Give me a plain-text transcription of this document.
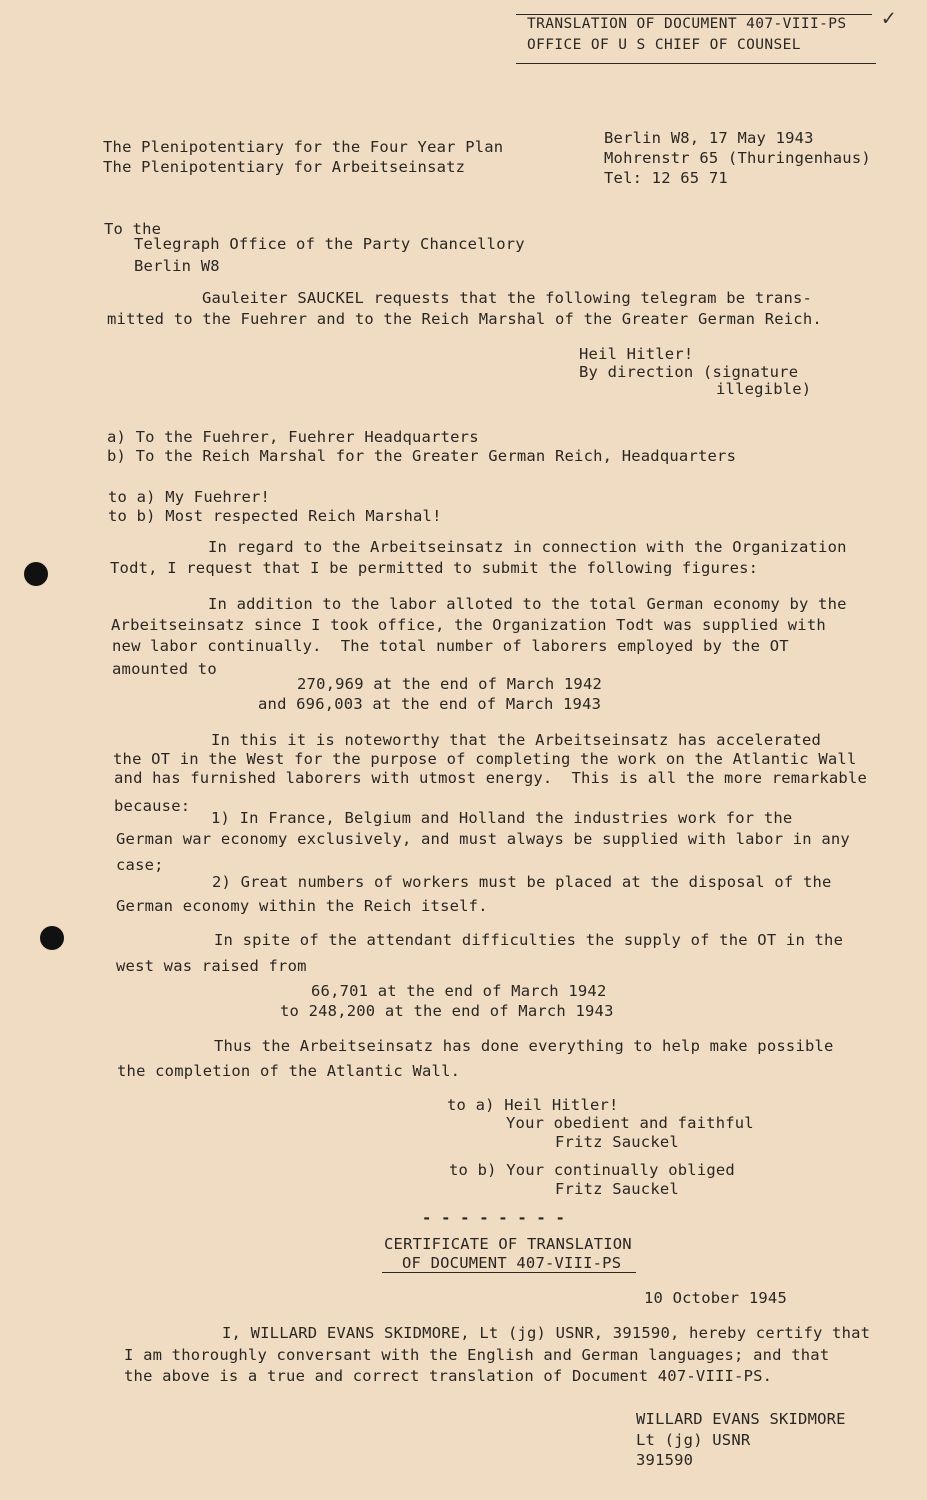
TRANSLATION OF DOCUMENT 407-VIII-PS
OFFICE OF U S CHIEF OF COUNSEL
✓
The Plenipotentiary for the Four Year Plan
The Plenipotentiary for Arbeitseinsatz
Berlin W8, 17 May 1943
Mohrenstr 65 (Thuringenhaus)
Tel: 12 65 71
To the
Telegraph Office of the Party Chancellory
Berlin W8
Gauleiter SAUCKEL requests that the following telegram be trans-
mitted to the Fuehrer and to the Reich Marshal of the Greater German Reich.
Heil Hitler!
By direction (signature
illegible)
a) To the Fuehrer, Fuehrer Headquarters
b) To the Reich Marshal for the Greater German Reich, Headquarters
to a) My Fuehrer!
to b) Most respected Reich Marshal!
In regard to the Arbeitseinsatz in connection with the Organization
Todt, I request that I be permitted to submit the following figures:
In addition to the labor alloted to the total German economy by the
Arbeitseinsatz since I took office, the Organization Todt was supplied with
new labor continually.  The total number of laborers employed by the OT
amounted to
270,969 at the end of March 1942
and 696,003 at the end of March 1943
In this it is noteworthy that the Arbeitseinsatz has accelerated
the OT in the West for the purpose of completing the work on the Atlantic Wall
and has furnished laborers with utmost energy.  This is all the more remarkable
because:
1) In France, Belgium and Holland the industries work for the
German war economy exclusively, and must always be supplied with labor in any
case;
2) Great numbers of workers must be placed at the disposal of the
German economy within the Reich itself.
In spite of the attendant difficulties the supply of the OT in the
west was raised from
66,701 at the end of March 1942
to 248,200 at the end of March 1943
Thus the Arbeitseinsatz has done everything to help make possible
the completion of the Atlantic Wall.
to a) Heil Hitler!
Your obedient and faithful
Fritz Sauckel
to b) Your continually obliged
Fritz Sauckel
- - - - - - - -
CERTIFICATE OF TRANSLATION
OF DOCUMENT 407-VIII-PS
10 October 1945
I, WILLARD EVANS SKIDMORE, Lt (jg) USNR, 391590, hereby certify that
I am thoroughly conversant with the English and German languages; and that
the above is a true and correct translation of Document 407-VIII-PS.
WILLARD EVANS SKIDMORE
Lt (jg) USNR
391590
